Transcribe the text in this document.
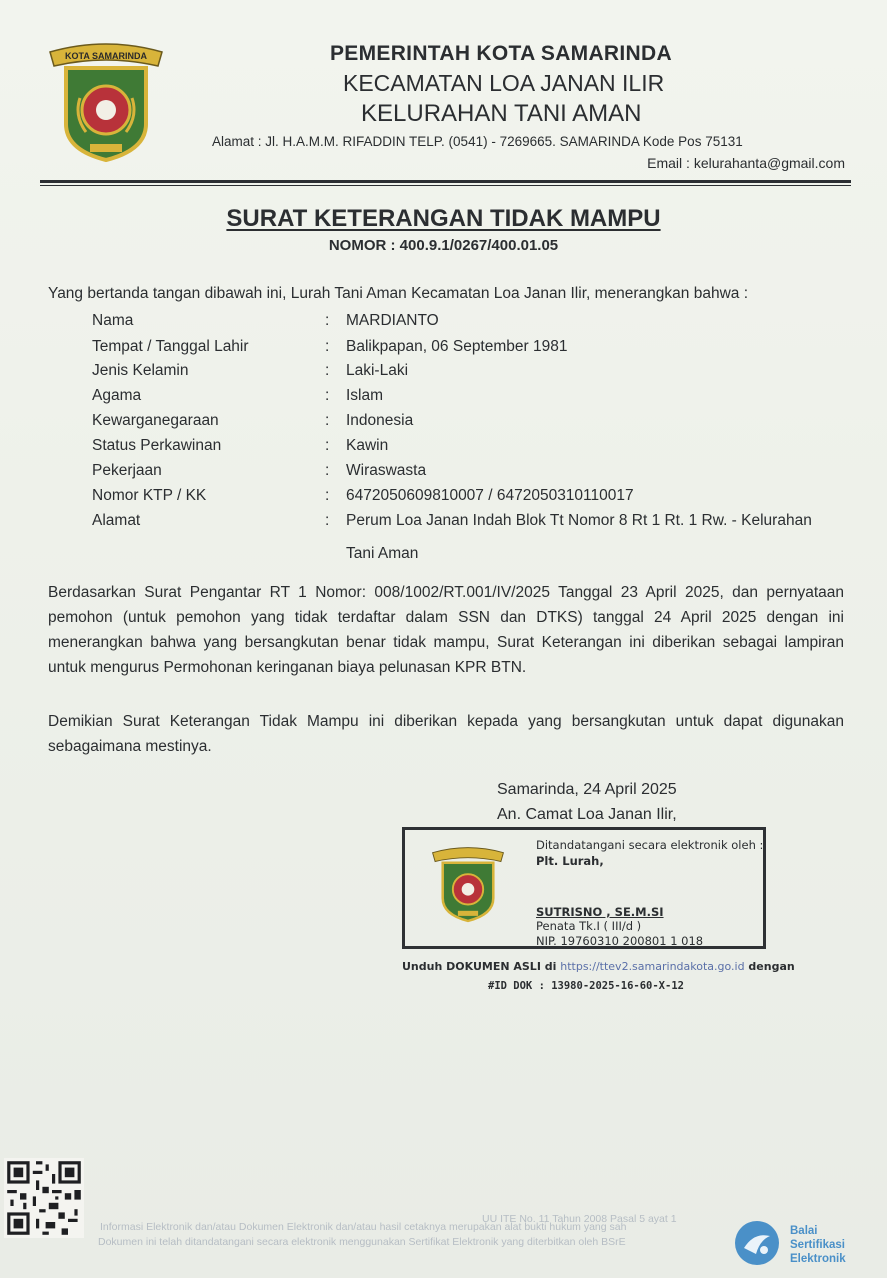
KOTA SAMARINDA	PEMERINTAH KOTA SAMARINDA
KECAMATAN LOA JANAN ILIR
KELURAHAN TANI AMAN
Alamat : Jl. H.A.M.M. RIFADDIN TELP. (0541) - 7269665. SAMARINDA Kode Pos 75131
Email : kelurahanta@gmail.com
SURAT KETERANGAN TIDAK MAMPU
NOMOR : 400.9.1/0267/400.01.05
Yang bertanda tangan dibawah ini, Lurah Tani Aman Kecamatan Loa Janan Ilir, menerangkan bahwa :
Nama	: MARDIANTO
Tempat / Tanggal Lahir	: Balikpapan, 06 September 1981
Jenis Kelamin	: Laki-Laki
Agama	: Islam
Kewarganegaraan	: Indonesia
Status Perkawinan	: Kawin
Pekerjaan	: Wiraswasta
Nomor KTP / KK	: 6472050609810007 / 6472050310110017
Alamat	: Perum Loa Janan Indah Blok Tt Nomor 8 Rt 1 Rt. 1 Rw. - Kelurahan
Tani Aman
Berdasarkan Surat Pengantar RT 1 Nomor: 008/1002/RT.001/IV/2025 Tanggal 23 April 2025, dan pernyataan pemohon (untuk pemohon yang tidak terdaftar dalam SSN dan DTKS) tanggal 24 April 2025 dengan ini menerangkan bahwa yang bersangkutan benar tidak mampu, Surat Keterangan ini diberikan sebagai lampiran untuk mengurus Permohonan keringanan biaya pelunasan KPR BTN.
Demikian Surat Keterangan Tidak Mampu ini diberikan kepada yang bersangkutan untuk dapat digunakan sebagaimana mestinya.
Samarinda, 24 April 2025
An. Camat Loa Janan Ilir,
Ditandatangani secara elektronik oleh :
Plt. Lurah,
SUTRISNO , SE.M.SI
Penata Tk.I ( III/d )
NIP. 19760310 200801 1 018
Unduh DOKUMEN ASLI di https://ttev2.samarindakota.go.id dengan
#ID DOK : 13980-2025-16-60-X-12
UU ITE No. 11 Tahun 2008 Pasal 5 ayat 1
Informasi Elektronik dan/atau Dokumen Elektronik dan/atau hasil cetaknya merupakan alat bukti hukum yang sah
Dokumen ini telah ditandatangani secara elektronik menggunakan Sertifikat Elektronik yang diterbitkan oleh BSrE
Balai
Sertifikasi
Elektronik
